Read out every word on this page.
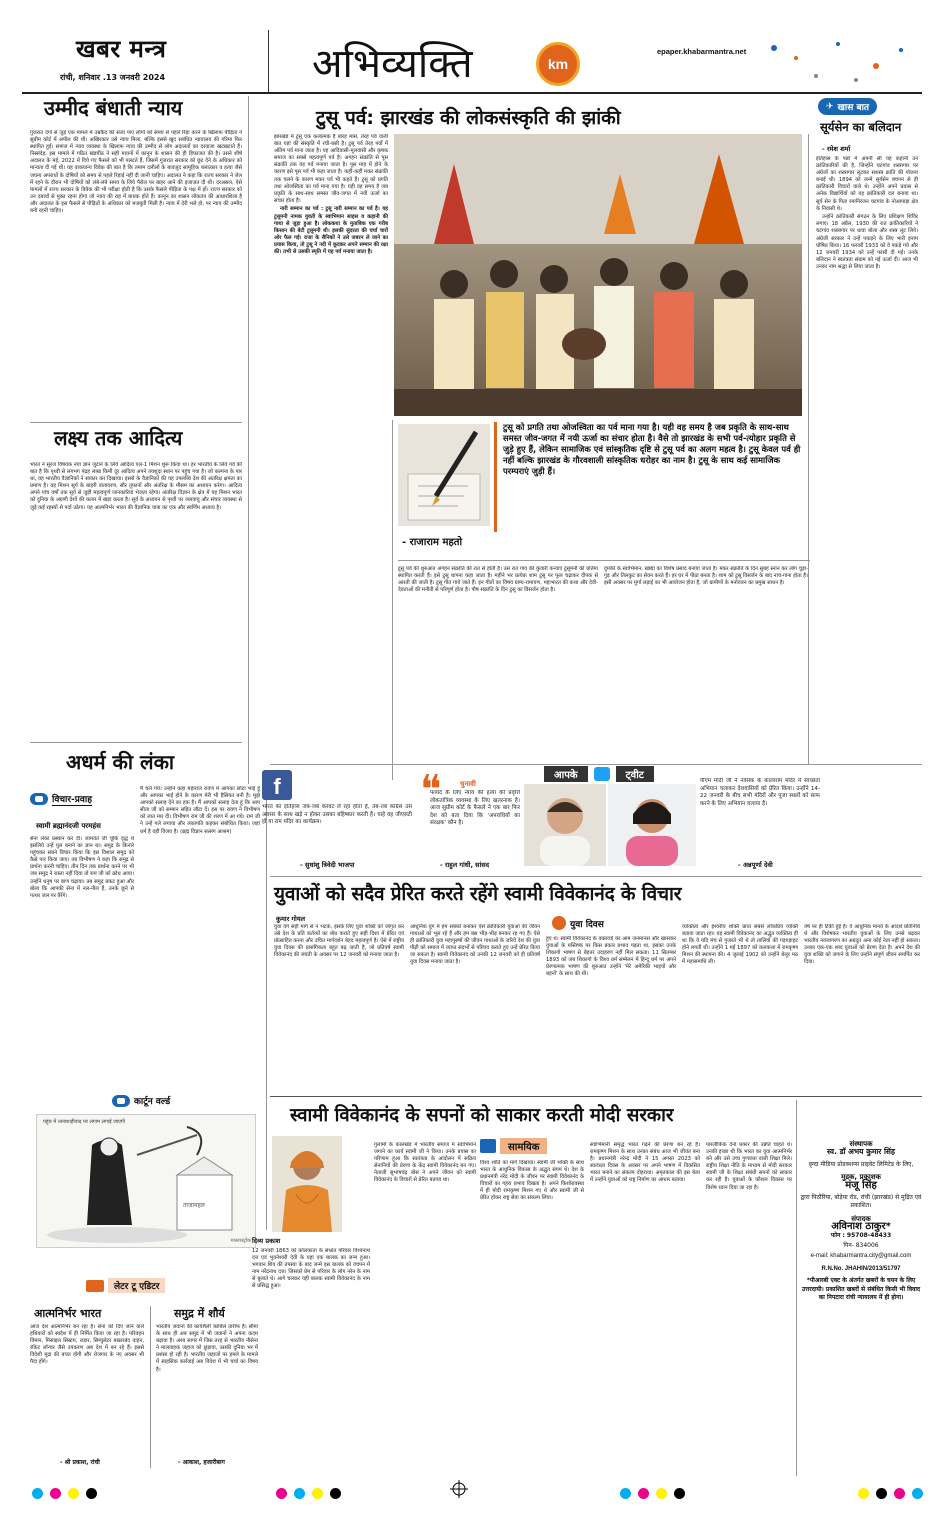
खबर मन्त्र
रांची, शनिवार .13 जनवरी 2024	अभिव्यक्ति	km
epaper.khabarmantra.net
उम्मीद बंधाती न्याय

गुजरात दंगों से जुड़े एक मामले में उम्रकैद की सजा पाए लोगों को समय से पहले रिहा करने के खिलाफ पीड़िता ने सुप्रीम कोर्ट में अपील की थी। अखिरकार उसे न्याय मिला, बल्कि इससे खुद सबंधित न्यायालय की गरिमा फिर स्थापित हुई। समाज में न्याय व्यवस्था के खिलाफ न्याय की उम्मीद से लोग अदालतों का दरवाजा खटखटाते हैं। निस्संदेह, इस मामले में गठित खंडपीठ ने सही मायनों में कानून के शासन की ही हिफाजत की है। उसने शीर्ष अदालत के मई, 2022 में दिये गए फैसले को भी पलटते हैं, जिसमें गुजरात सरकार को छूट देने के अधिकार को मान्यता दी गई थी। यह वाकयान्य विवेक की बात है कि तमाम दलीलों के बावजूद सामूहिक बलात्कार व हत्या जैसे जघन्य अपराधों के दोषियों को समय से पहले रिहाई नहीं दी जानी चाहिए। अदालत ने कहा कि राज्य सरकार ने जेल में रहने के दौरान भी दोषियों को लंबे-लंबे समय के लिये पैरोल पर बाहर आने की इजाजत दी थी। दरअसल, ऐसे मामलों में राज्य सरकार के विवेक की भी परीक्षा होती है कि उसके फैसले पीड़िता के पक्ष में हों। राज्य सरकार को उन दबावों से मुक्त रहना होगा जो न्याय की राह में बाधक होते हैं। कानून का शासन लोकतंत्र की आधारशिला है और अदालत के इस फैसले से पीड़ितों के अधिकार को मजबूती मिली है। न्याय में देरी भले हो, पर न्याय की उम्मीद बनी रहनी चाहिए।

लक्ष्य तक आदित्य

भारत ने सूरज विषयक नया ज्ञान जुटाने के लिये आदित्य एल-1 मिशन शुरू किया था। हर भारतीय के लिये गर्व की बात है कि पृथ्वी से लगभग पंद्रह लाख किमी दूर आदित्य अपने तयशुदा स्थान पर पहुंच गया है। जो कल्पना के पार था, वह भारतीय वैज्ञानिकों ने साकार कर दिखाया। इसरो के वैज्ञानिकों की यह उपलब्धि देश की अंतरिक्ष क्षमता का प्रमाण है। यह मिशन सूर्य के बाहरी वातावरण, सौर तूफानों और अंतरिक्ष के मौसम का अध्ययन करेगा। आदित्य अपने पांच वर्षों तक सूर्य से जुड़ी महत्वपूर्ण जानकारियां भेजता रहेगा। अंतरिक्ष विज्ञान के क्षेत्र में यह मिशन भारत को दुनिया के अग्रणी देशों की कतार में खड़ा करता है। सूर्य के अध्ययन से पृथ्वी पर जलवायु और संचार व्यवस्था से जुड़े कई रहस्यों से पर्दा उठेगा। यह आत्मनिर्भर भारत की वैज्ञानिक यात्रा का एक और स्वर्णिम अध्याय है।

अधर्म की लंका
विचार-प्रवाह
स्वामी ब्रह्मानंदजी परमहंस

सेना लंका प्रस्थान कर दी। जामवंत जी चूंकि वृद्ध थे इसलिये उन्हें पुल बनाने का ज्ञान था। समुद्र के किनारे पहुंचकर सबने विचार किया कि इस विशाल समुद्र को कैसे पार किया जाए। तब विभीषण ने कहा कि समुद्र से प्रार्थना करनी चाहिए। तीन दिन तक प्रार्थना करने पर भी जब समुद्र ने रास्ता नहीं दिया तो राम जी को क्रोध आया। उन्होंने धनुष पर बाण चढ़ाया। तब समुद्र प्रकट हुआ और बोला कि आपकी सेना में नल-नील हैं, उनके छूने से पत्थर जल पर तैरेंगे।

मैं चले गये। उन्होंने कहा महाराज रावण में आपका छोटा भाई हूं और आपका भाई होने के कारण मेरी भी हैसियत बनी है। मुझे आपको सलाह देने का हक है। मैं आपको सलाह देता हूं कि आप सीता जी को सम्मान सहित लौटा दें। इस पर रावण ने विभीषण को लात मार दी। विभीषण राम जी की शरण में आ गये। राम जी ने उन्हें गले लगाया और लंकापति कहकर संबोधित किया। जहां धर्म है वहीं विजय है। (ब्रह्म विज्ञान सत्संग आश्रम)

कार्टून वर्ल्ड
पहुंच में तानाशाहीवाद पर लगाम लगाई जाएगी
ताजामहल
मास्टरस्ट्रोक
लेटर टू एडिटर
आत्मनिर्भर भारत
आज देश आत्मनिर्भर बन रहा है। सेना को दिए जाने वाले हथियारों को स्वदेश में ही निर्मित किया जा रहा है। परिवहन विमान, मिसाइल सिस्टम, राडार, सिम्युलेटर बख्तरबंद वाहन, रॉकेट लॉन्चर जैसे उपकरण अब देश में बन रहे हैं। इससे विदेशी मुद्रा की बचत होगी और रोजगार के नए अवसर भी पैदा होंगे।
- श्री प्रकाश, रांची
समुद्र में शौर्य
भारतीय जवानों की कार्यशैली काबिले तारीफ है। सीमा के साथ ही अब समुद्र में भी जवानों ने अपना कदम बढ़ाया है। अरब सागर में जिस तरह से भारतीय नौसेना ने मालवाहक जहाज को छुड़ाया, उसकी दुनिया भर में प्रशंसा हो रही है। भारतीय जहाजों पर हमले के मामले में साहसिक कार्रवाई अब विदेश में भी चर्चा का विषय है।
- आकाश, हजारीबाग
टुसू पर्व: झारखंड की लोकसंस्कृति की झांकी

झारखंड में टुसू एक कलात्मक है बारह मासे, तेरह पर्व वाली बात यहां की संस्कृति में रची-बसी है। टुसू पर्व तेरह पर्वों में अंतिम पर्व माना जाता है। यह आदिवासी-मूलवासी और कृषक समाज का सबसे महत्वपूर्ण पर्व है। अगहन संक्रांति से पूस संक्रांति तक यह पर्व मनाया जाता है। पूस माह में होने के कारण इसे पूस पर्व भी कहा जाता है। कहीं-कहीं मकर संक्रांति तक चलने के कारण मकर पर्व भी कहते हैं। टुसू को प्रगति तथा ओजस्विता का पर्व माना गया है। यही वह समय है जब प्रकृति के साथ-साथ समस्त जीव-जगत में नयी ऊर्जा का संचार होता है।

नारी सम्मान का पर्व : टुसू नारी सम्मान का पर्व है। यह टुसूमनी नामक युवती के स्वाभिमान साहस व कहानी की गाथा से जुड़ा हुआ है। लोककथा के मुताबिक एक गरीब किसान की बेटी टुसूमनी थी। इसकी सुंदरता की चर्चा चारों ओर फैल गई। राजा के सैनिकों ने उसे जबरन ले जाने का प्रयास किया, तो टुसू ने नदी में कूदकर अपने सम्मान की रक्षा की। तभी से उसकी स्मृति में यह पर्व मनाया जाता है।

- राजाराम महतो
टुसू को प्रगति तथा ओजस्विता का पर्व माना गया है। यही वह समय है जब प्रकृति के साथ-साथ समस्त जीव-जगत में नयी ऊर्जा का संचार होता है। वैसे तो झारखंड के सभी पर्व-त्योहार प्रकृति से जुड़े हुए हैं, लेकिन सामाजिक एवं सांस्कृतिक दृष्टि से टुसू पर्व का अलग महत्व है। टुसू केवल पर्व ही नहीं बल्कि झारखंड के गौरवशाली सांस्कृतिक धरोहर का नाम है। टुसू के साथ कई सामाजिक परम्पराएं जुड़ी हैं।

टुसू पर्व की शुरुआत अगहन संक्रांति की रात से होती है। उस रात गांव की कुंवारी कन्याएं टुसूमनी की प्रतिमा स्थापित करती हैं। इसे टुसू थापना कहा जाता है। महीने भर प्रत्येक शाम टुसू पर फूल चढ़ाकर दीपक से आरती की जाती है। टुसू गीत गाये जाते हैं। इन गीतों का विषय ग्राम्य-रामायण, महाभारत की कथा और देवी-देवताओं की मनौती से परिपूर्ण होता है। पौष संक्रांति के दिन टुसू का विसर्जन होता है।

दुमकी के स्वाभिमान, खाद्यों का विशेष प्रसाद बनाया जाता है। मकर संक्रांति के दिन सुबह स्नान कर लोग चूड़ा-गुड़ और तिलकुट का सेवन करते हैं। हर घर में पीठा बनता है। शाम को टुसू विसर्जन के बाद नाच-गाना होता है। इसी अवसर पर मुर्गा लड़ाई का भी आयोजन होता है, जो ग्रामीणों के मनोरंजन का प्रमुख साधन है।

✈ खास बात
सूर्यसेन का बलिदान
- रमेश शर्मा

इतिहास के पन्नों में अपनी सी यह कहानी उन क्रांतिकारियों की है, जिन्होंने चटगांव शस्त्रागार पर अंग्रेजों का शस्त्रागार लूटकर सशस्त्र क्रांति की योजना बनाई थी। 1894 को जन्मे सूर्यसेन बचपन से ही क्रांतिकारी विचारों वाले थे। उन्होंने अपने प्रयास से अनेक विद्यार्थियों को यह क्रांतिकारी दल बनाया था। सूर्य सेन के पिता रमानिरंजन चटगांव के नोआपाड़ा क्षेत्र के निवासी थे।

उन्होंने क्रांतिकारी संगठन के लिए प्रशिक्षण शिविर लगाए। 18 अप्रैल, 1930 की रात क्रांतिकारियों ने चटगांव शस्त्रागार पर धावा बोला और शस्त्र लूट लिये। अंग्रेजी सरकार ने उन्हें पकड़ने के लिए भारी इनाम घोषित किया। 16 फरवरी 1933 को वे पकड़े गये और 12 जनवरी 1934 को उन्हें फांसी दी गई। उनके बलिदान ने स्वतंत्रता संग्राम को नई ऊर्जा दी। आज भी उनका नाम श्रद्धा से लिया जाता है।

आपके	ट्वीट
f
भारत का इतिहास जब-जब करवट ले रहा होता है, तब-तब कांग्रेस उस अवसर के साथ खड़े न होकर उसका बहिष्कार करती है। चाहे वह जीएसटी हो या राम मंदिर का कार्यक्रम।
- सुधांशु त्रिवेदी भाजपा
❝	चुनावी
फायदे के लिए न्याय की हत्या की प्रवृत्ति लोकतांत्रिक व्यवस्था के लिए खतरनाक है। आज सुप्रीम कोर्ट के फैसले ने एक बार फिर देश को बता दिया कि 'अपराधियों का संरक्षक' कौन है।
- राहुल गांधी, सांसद
पीएम मोदी जी ने नासिक के कालाराम मंदिर में स्वच्छता अभियान चलाकर देशवासियों को प्रेरित किया। उन्होंने 14-22 जनवरी के बीच सभी मंदिरों और पूजा स्थलों को साफ करने के लिए अभियान चलाया है।
- अन्नपूर्णा देवी
युवाओं को सदैव प्रेरित करते रहेंगे स्वामी विवेकानंद के विचार
कुमार गोयल
युवा वर्ग सही मार्ग से न भटके, इसके लिए युवा शक्ति को जागृत कर उसे देश के प्रति कर्तव्यों का बोध कराते हुए सही दिशा में प्रेरित एवं प्रोत्साहित करना और उचित मार्गदर्शन बेहद महत्वपूर्ण है। ऐसे में राष्ट्रीय युवा दिवस की प्रासंगिकता बहुत बढ़ जाती है, जो प्रतिवर्ष स्वामी विवेकानंद की जयंती के अवसर पर 12 जनवरी को मनाया जाता है।
आधुनिक युग में हम सबको बनाकर ऐसे क्रांतिकारी युवाओं की जीवन गाथाओं को भूल रहे हैं और हम बस भीड़-भीड़ बनकर रह गए हैं। ऐसे ही क्रांतिकारी युवा महापुरुषों की जीवन गाथाओं के जरिये देश की युवा पीढ़ी को समाज में व्याप्त संदर्भों से परिचय कराते हुए उन्हें प्रेरित किया जा सकता है। स्वामी विवेकानंद को उनकी 12 जनवरी को ही प्रतिवर्ष युवा दिवस मनाया जाता है।
युवा दिवस
हुए थे। स्वामी विवेकानंद के वक्तव्यों का आम जनमानस और खासकर युवाओं के मस्तिष्क पर किस प्रकार प्रभाव पड़ता था, इसका उनके शिकागो भाषण से बेहतर उदाहरण नहीं मिल सकता। 11 सितम्बर 1893 को जब शिकागो के विश्व धर्म सम्मेलन में हिन्दू धर्म पर अपने प्रेरणात्मक भाषण की शुरुआत उन्होंने 'मेरे अमेरिकी भाइयों और बहनों' के साथ की थी।
व्यक्तित्व और ईश्वरीय शक्ति प्राप्त सबसे लोकप्रिय व्यक्ति बताया जाता रहा। यह स्वामी विवेकानंद का अद्भुत व्यक्तित्व ही था कि वे यदि मंच से गुजरते भी थे तो तालियों की गड़गड़ाहट होने लगती थी। उन्होंने 1 मई 1897 को कलकत्ता में रामकृष्ण मिशन की स्थापना की। 4 जुलाई 1902 को उन्होंने बेलूर मठ में महासमाधि ली।
वर्ष पर ही टिकी हुई है। वे आधुनिक मानव के आदर्श प्रतिनिधि थे और विशेषकर भारतीय युवाओं के लिए उनसे बढ़कर भारतीय नवजागरण का अग्रदूत अन्य कोई नेता नहीं हो सकता। उनका एक-एक शब्द युवाओं को प्रेरणा देता है। अपने देश की युवा शक्ति को जगाने के लिए उन्होंने संपूर्ण जीवन समर्पित कर दिया।
स्वामी विवेकानंद के सपनों को साकार करती मोदी सरकार
दिव्य प्रकाश
12 जनवरी 1863 को कोलकाता के संभ्रांत परिवार विश्वनाथ दत्त एवं भुवनेश्वरी देवी के यहां एक बालक का जन्म हुआ। भगवान शिव की तपस्या के बाद जन्मे इस बालक को वचपन में नाम नरेंद्रनाथ दत्त। जिसको प्रेम से परिवार के लोग नरेन के नाम से बुलाते थे। आगे चलकर यही बालक स्वामी विवेकानंद के नाम से प्रसिद्ध हुआ।
गुलामी के कालखंड में भारतीय समाज में स्वाभिमान जगाने का कार्य स्वामी जी ने किया। उनके प्रयास का परिणाम हुआ कि स्वतंत्रता के आंदोलन में सक्रिय सेनानियों की प्रेरणा के केंद्र स्वामी विवेकानंद बन गए। नेताजी सुभाषचंद्र बोस ने अपने जीवन को स्वामी विवेकानंद के विचारों से प्रेरित बताया था।
सामयिक
विश्व शांति का मार्ग दिखाया। स्वामी जी भक्ति के साथ भारत के आधुनिक विकास के अद्भुत संगम थे। देश के प्रधानमंत्री नरेंद्र मोदी के जीवन पर स्वामी विवेकानंद के विचारों का गहरा प्रभाव दिखता है। अपने किशोरावस्था में ही मोदी रामकृष्ण मिशन गए थे और स्वामी जी से प्रेरित होकर राष्ट्र सेवा का संकल्प लिया।
स्वाभिमानी समृद्ध भारत गढ़ने की प्रेरणा बन रहे हैं। रामकृष्ण मिशन के साथ उनका संबंध आज भी जीवंत बना है। प्रधानमंत्री नरेन्द्र मोदी ने 15 अगस्त 2023 को स्वतंत्रता दिवस के अवसर पर अपने भाषण में विकसित भारत बनाने का संकल्प दोहराया। अमृतकाल की इस बेला में उन्होंने युवाओं को राष्ट्र निर्माण का आधार बताया।
पारलौकिक देनों प्रकार की उन्नति चाहते थे। उनकी इच्छा थी कि भारत का युवा आत्मनिर्भर बने और उसे उच्च गुणवत्ता वाली शिक्षा मिले। राष्ट्रीय शिक्षा नीति के माध्यम से मोदी सरकार स्वामी जी के शिक्षा संबंधी सपनों को साकार कर रही है। युवाओं के कौशल विकास पर विशेष ध्यान दिया जा रहा है।
संस्थापक
स्व. डॉ अभय कुमार सिंह
वृन्दा मीडिया प्रोडक्शन्स प्राइवेट लिमिटेड के लिए,
मुद्रक, प्रकाशक
मंजू सिंह
द्वारा पिठौरिया, बोड़ेया रोड, रांची (झारखंड) से मुद्रित एवं प्रकाशित।
संपादक
अविनाश ठाकुर*
फोन : 95708-48433
पिन- 834006
e-mail: khabarmantra.city@gmail.com
R.N.No. JHAHIN/2013/51797
*पीआरबी एक्ट के अंतर्गत खबरों के चयन के लिए उत्तरदायी। प्रकाशित खबरों से संबंधित किसी भी विवाद का निपटारा रांची न्यायालय में ही होगा।
